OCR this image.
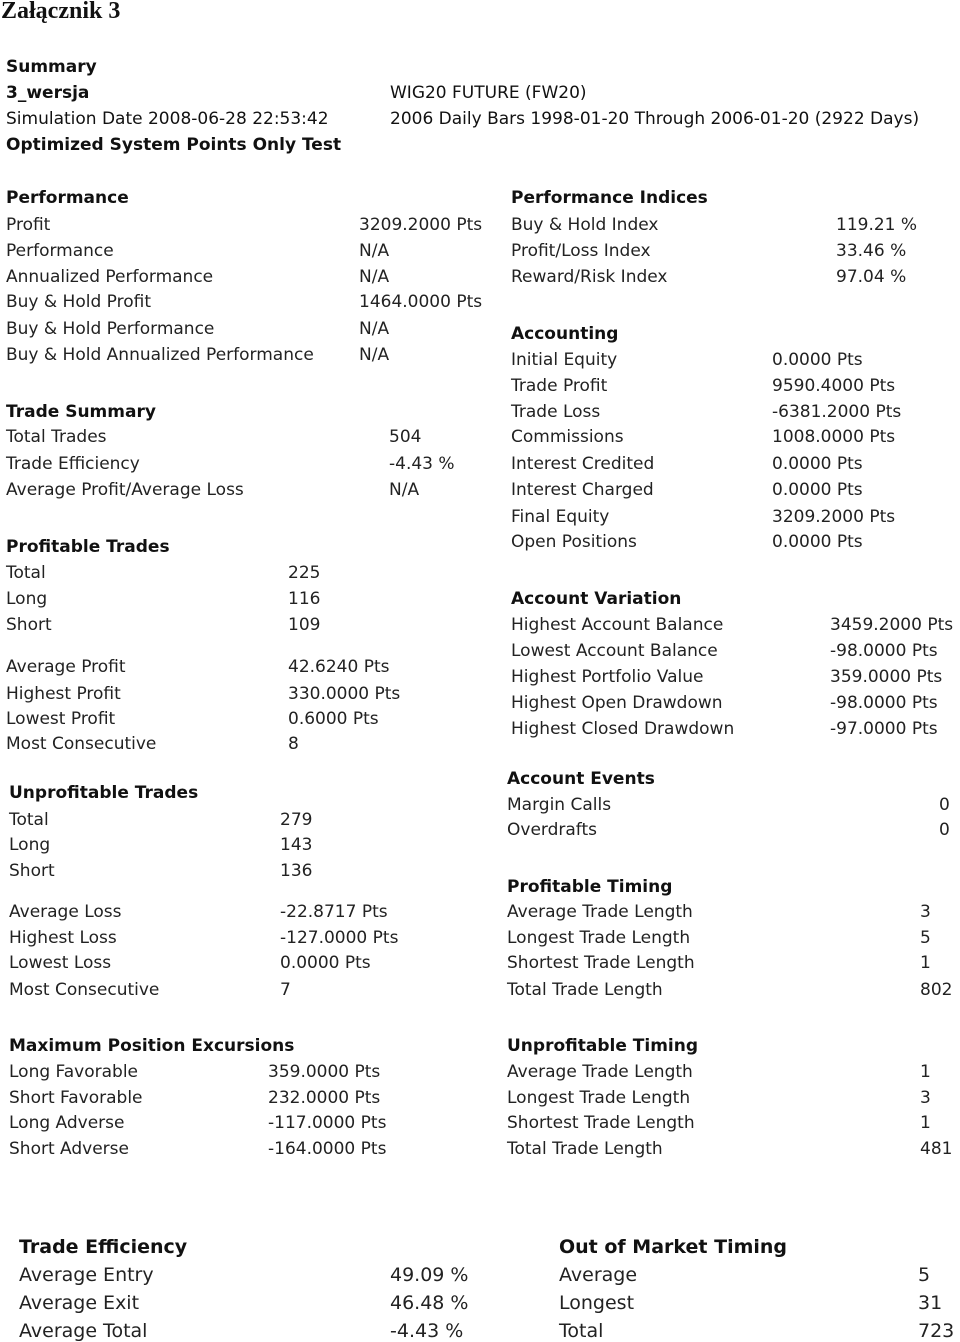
Załącznik 3
Summary
3_wersja	WIG20 FUTURE (FW20)
Simulation Date 2008-06-28 22:53:42	2006 Daily Bars 1998-01-20 Through 2006-01-20 (2922 Days)
Optimized System Points Only Test
Performance
Profit	3209.2000 Pts
Performance	N/A
Annualized Performance	N/A
Buy & Hold Profit	1464.0000 Pts
Buy & Hold Performance	N/A
Buy & Hold Annualized Performance	N/A
Performance Indices
Buy & Hold Index	119.21 %
Profit/Loss Index	33.46 %
Reward/Risk Index	97.04 %
Trade Summary
Total Trades	504
Trade Efficiency	-4.43 %
Average Profit/Average Loss	N/A
Accounting
Initial Equity	0.0000 Pts
Trade Profit	9590.4000 Pts
Trade Loss	-6381.2000 Pts
Commissions	1008.0000 Pts
Interest Credited	0.0000 Pts
Interest Charged	0.0000 Pts
Final Equity	3209.2000 Pts
Open Positions	0.0000 Pts
Profitable Trades
Total	225
Long	116
Short	109
Average Profit	42.6240 Pts
Highest Profit	330.0000 Pts
Lowest Profit	0.6000 Pts
Most Consecutive	8
Account Variation
Highest Account Balance	3459.2000 Pts
Lowest Account Balance	-98.0000 Pts
Highest Portfolio Value	359.0000 Pts
Highest Open Drawdown	-98.0000 Pts
Highest Closed Drawdown	-97.0000 Pts
Unprofitable Trades
Total	279
Long	143
Short	136
Average Loss	-22.8717 Pts
Highest Loss	-127.0000 Pts
Lowest Loss	0.0000 Pts
Most Consecutive	7
Account Events
Margin Calls	0
Overdrafts	0
Profitable Timing
Average Trade Length	3
Longest Trade Length	5
Shortest Trade Length	1
Total Trade Length	802
Maximum Position Excursions
Long Favorable	359.0000 Pts
Short Favorable	232.0000 Pts
Long Adverse	-117.0000 Pts
Short Adverse	-164.0000 Pts
Unprofitable Timing
Average Trade Length	1
Longest Trade Length	3
Shortest Trade Length	1
Total Trade Length	481
Trade Efficiency
Average Entry	49.09 %
Average Exit	46.48 %
Average Total	-4.43 %
Out of Market Timing
Average	5
Longest	31
Total	723
